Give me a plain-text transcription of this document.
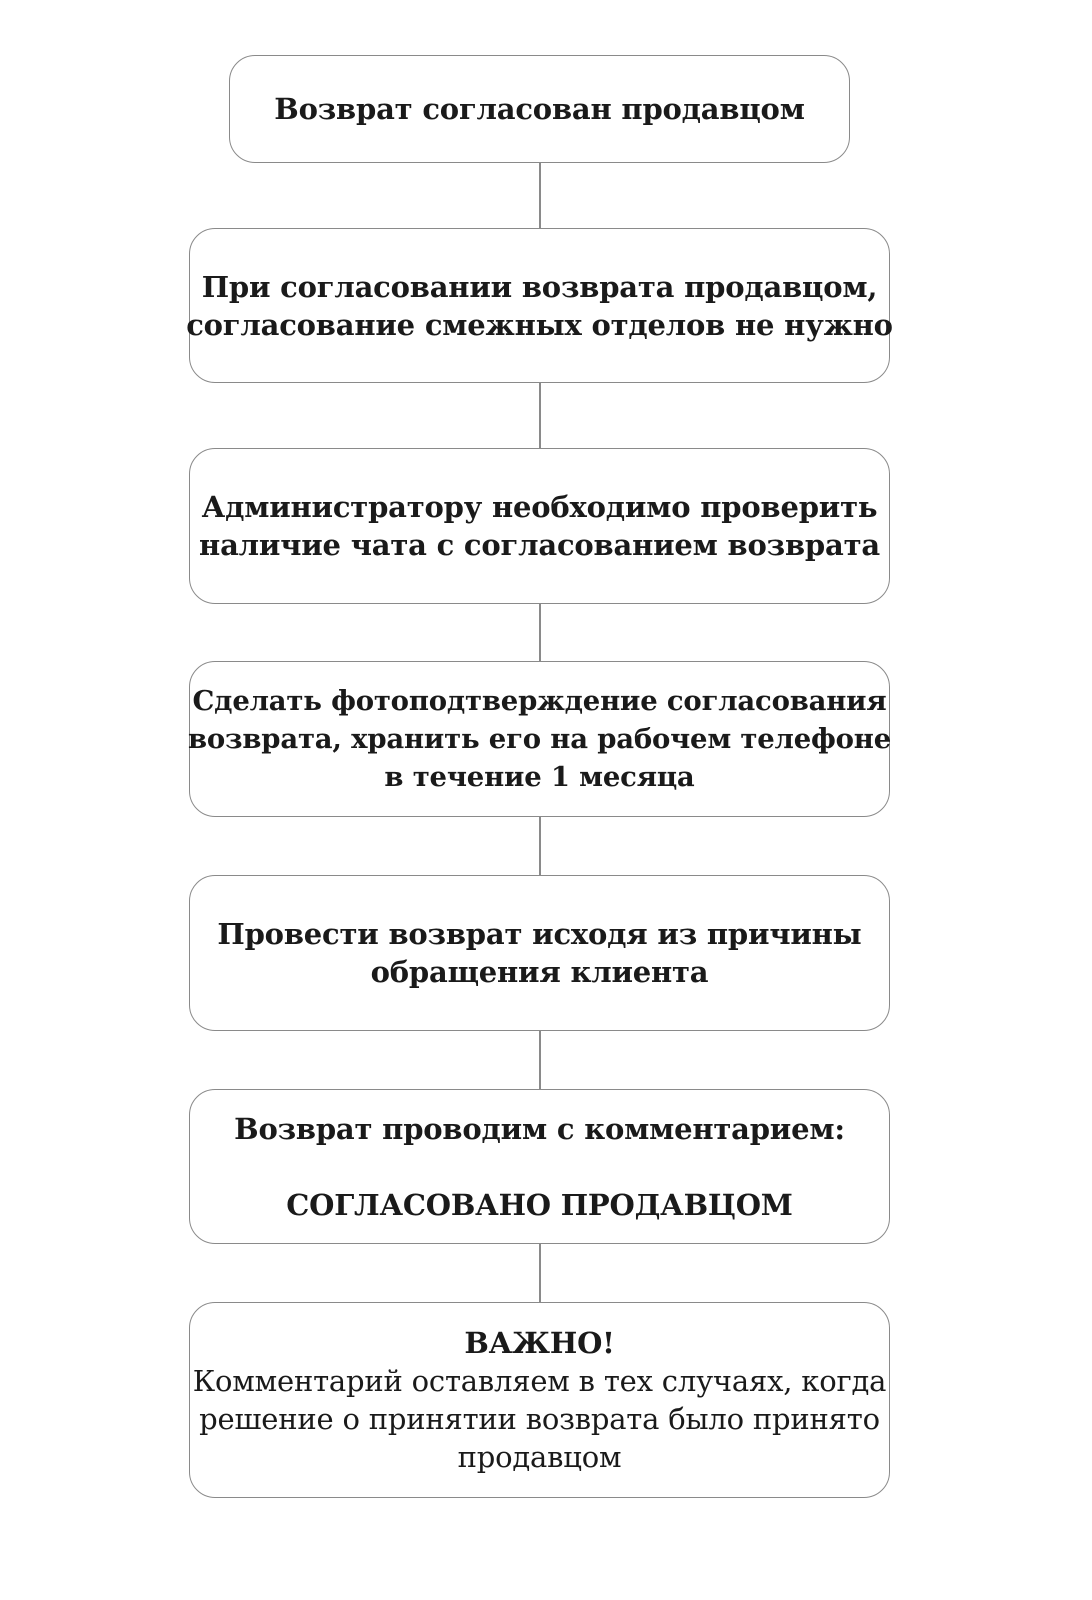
Возврат согласован продавцом
При согласовании возврата продавцом,
согласование смежных отделов не нужно
Администратору необходимо проверить
наличие чата с согласованием возврата
Сделать фотоподтверждение согласования
возврата, хранить его на рабочем телефоне
в течение 1 месяца
Провести возврат исходя из причины
обращения клиента
Возврат проводим с комментарием:
СОГЛАСОВАНО ПРОДАВЦОМ
ВАЖНО!
Комментарий оставляем в тех случаях, когда
решение о принятии возврата было принято
продавцом
